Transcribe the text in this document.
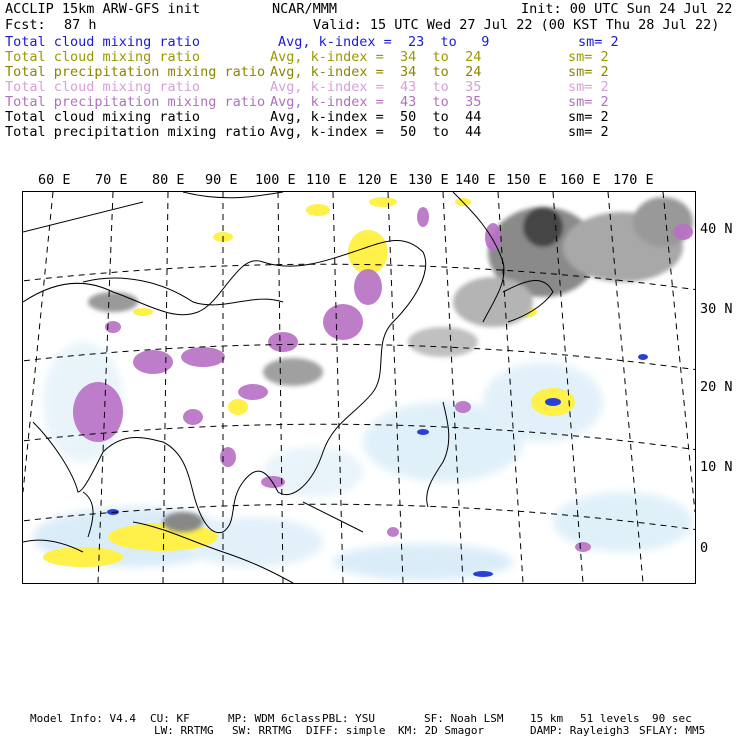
ACCLIP 15km ARW-GFS init	NCAR/MMM	Init: 00 UTC Sun 24 Jul 22
Fcst: 87 h	Valid: 15 UTC Wed 27 Jul 22 (00 KST Thu 28 Jul 22)
Total cloud mixing ratio	Avg, k-index =  23  to   9	sm= 2
Total cloud mixing ratio	Avg, k-index =  34  to  24	sm= 2
Total precipitation mixing ratio Avg, k-index =  34  to  24	sm= 2
Total cloud mixing ratio	Avg, k-index =  43  to  35	sm= 2
Total precipitation mixing ratio Avg, k-index =  43  to  35	sm= 2
Total cloud mixing ratio	Avg, k-index =  50  to  44	sm= 2
Total precipitation mixing ratio Avg, k-index =  50  to  44	sm= 2
60 E 70 E 80 E 90 E 100 E 110 E 120 E 130 E 140 E 150 E 160 E 170 E
40 N
30 N
20 N
10 N
0
Model Info: V4.4 CU: KF	MP: WDM 6class PBL: YSU	SF: Noah LSM 15 km 51 levels 90 sec
LW: RRTMG SW: RRTMG DIFF: simple KM: 2D Smagor	DAMP: Rayleigh3 SFLAY: MM5
